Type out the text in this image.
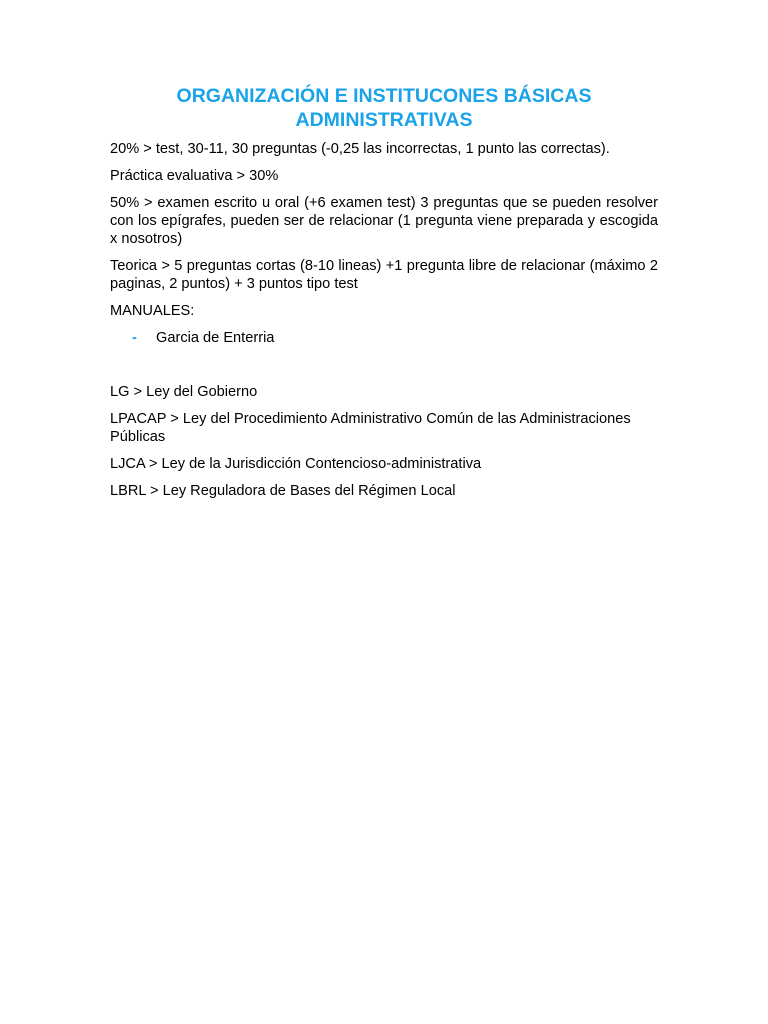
ORGANIZACIÓN E INSTITUCONES BÁSICAS
ADMINISTRATIVAS

20% > test, 30-11, 30 preguntas (-0,25 las incorrectas, 1 punto las correctas).

Práctica evaluativa > 30%

50% > examen escrito u oral (+6 examen test) 3 preguntas que se pueden resolver con los epígrafes, pueden ser de relacionar (1 pregunta viene preparada y escogida x nosotros)

Teorica > 5 preguntas cortas (8-10 lineas) +1 pregunta libre de relacionar (máximo 2 paginas, 2 puntos) + 3 puntos tipo test

MANUALES:

- Garcia de Enterria

LG > Ley del Gobierno

LPACAP > Ley del Procedimiento Administrativo Común de las Administraciones Públicas

LJCA > Ley de la Jurisdicción Contencioso-administrativa

LBRL > Ley Reguladora de Bases del Régimen Local
